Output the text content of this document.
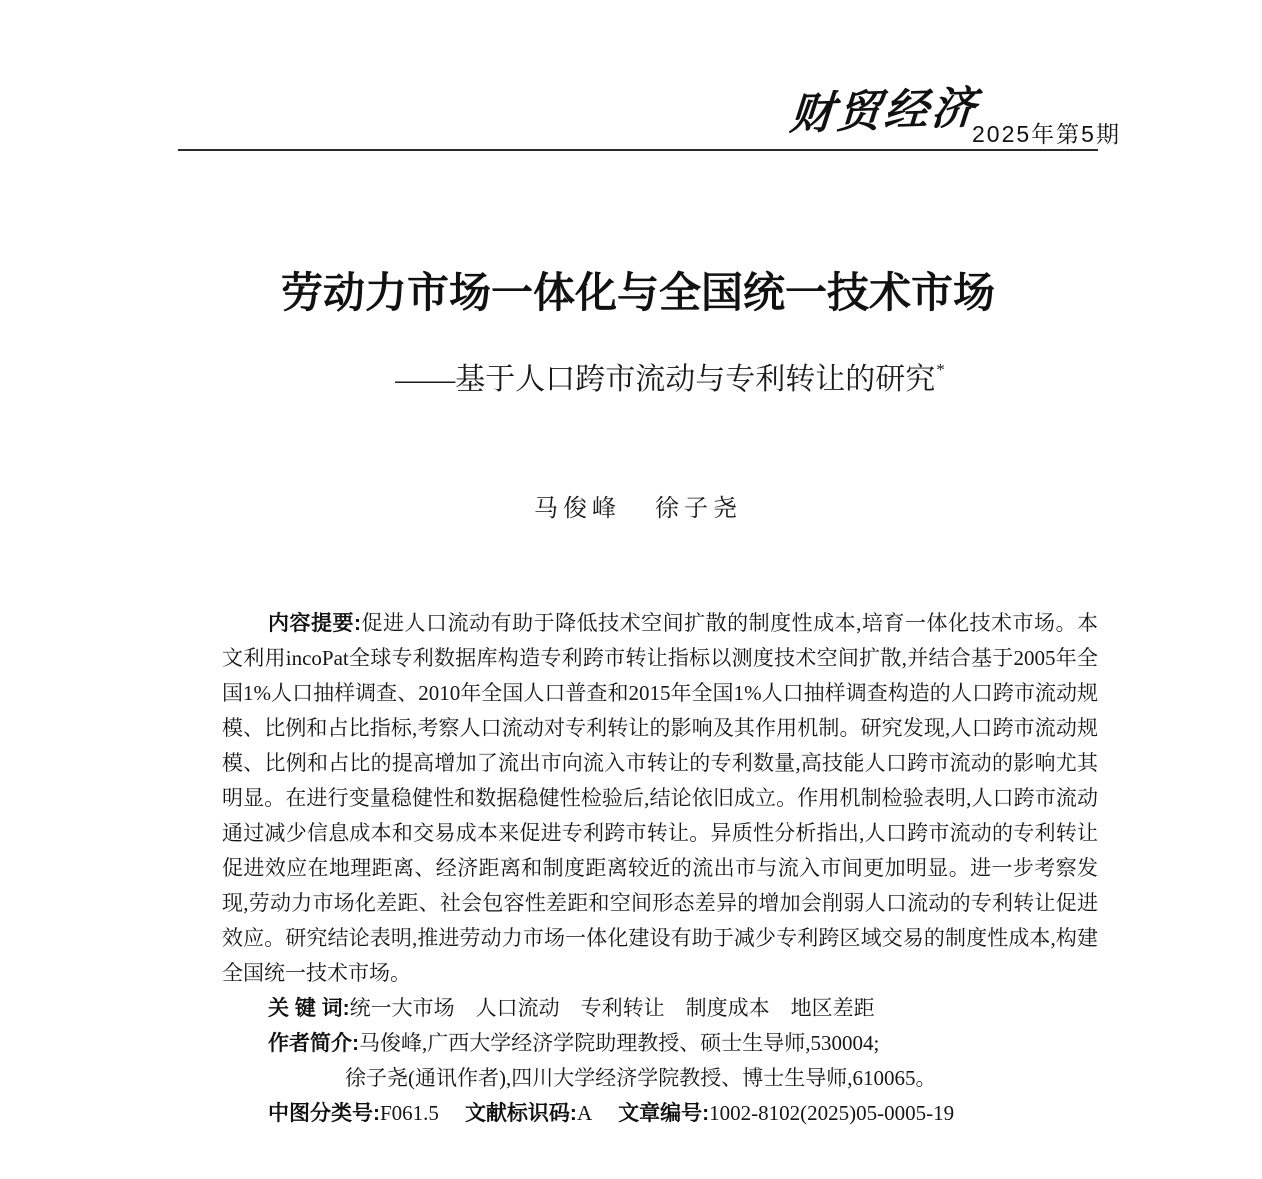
财贸经济
2025年第5期
劳动力市场一体化与全国统一技术市场
——基于人口跨市流动与专利转让的研究*
马俊峰 徐子尧

内容提要:促进人口流动有助于降低技术空间扩散的制度性成本,培育一体化技术市场。本文利用incoPat全球专利数据库构造专利跨市转让指标以测度技术空间扩散,并结合基于2005年全国1%人口抽样调查、2010年全国人口普查和2015年全国1%人口抽样调查构造的人口跨市流动规模、比例和占比指标,考察人口流动对专利转让的影响及其作用机制。研究发现,人口跨市流动规模、比例和占比的提高增加了流出市向流入市转让的专利数量,高技能人口跨市流动的影响尤其明显。在进行变量稳健性和数据稳健性检验后,结论依旧成立。作用机制检验表明,人口跨市流动通过减少信息成本和交易成本来促进专利跨市转让。异质性分析指出,人口跨市流动的专利转让促进效应在地理距离、经济距离和制度距离较近的流出市与流入市间更加明显。进一步考察发现,劳动力市场化差距、社会包容性差距和空间形态差异的增加会削弱人口流动的专利转让促进效应。研究结论表明,推进劳动力市场一体化建设有助于减少专利跨区域交易的制度性成本,构建全国统一技术市场。

关 键 词:统一大市场　人口流动　专利转让　制度成本　地区差距

作者简介:马俊峰,广西大学经济学院助理教授、硕士生导师,530004;

徐子尧(通讯作者),四川大学经济学院教授、博士生导师,610065。

中图分类号:F061.5 文献标识码:A 文章编号:1002-8102(2025)05-0005-19
